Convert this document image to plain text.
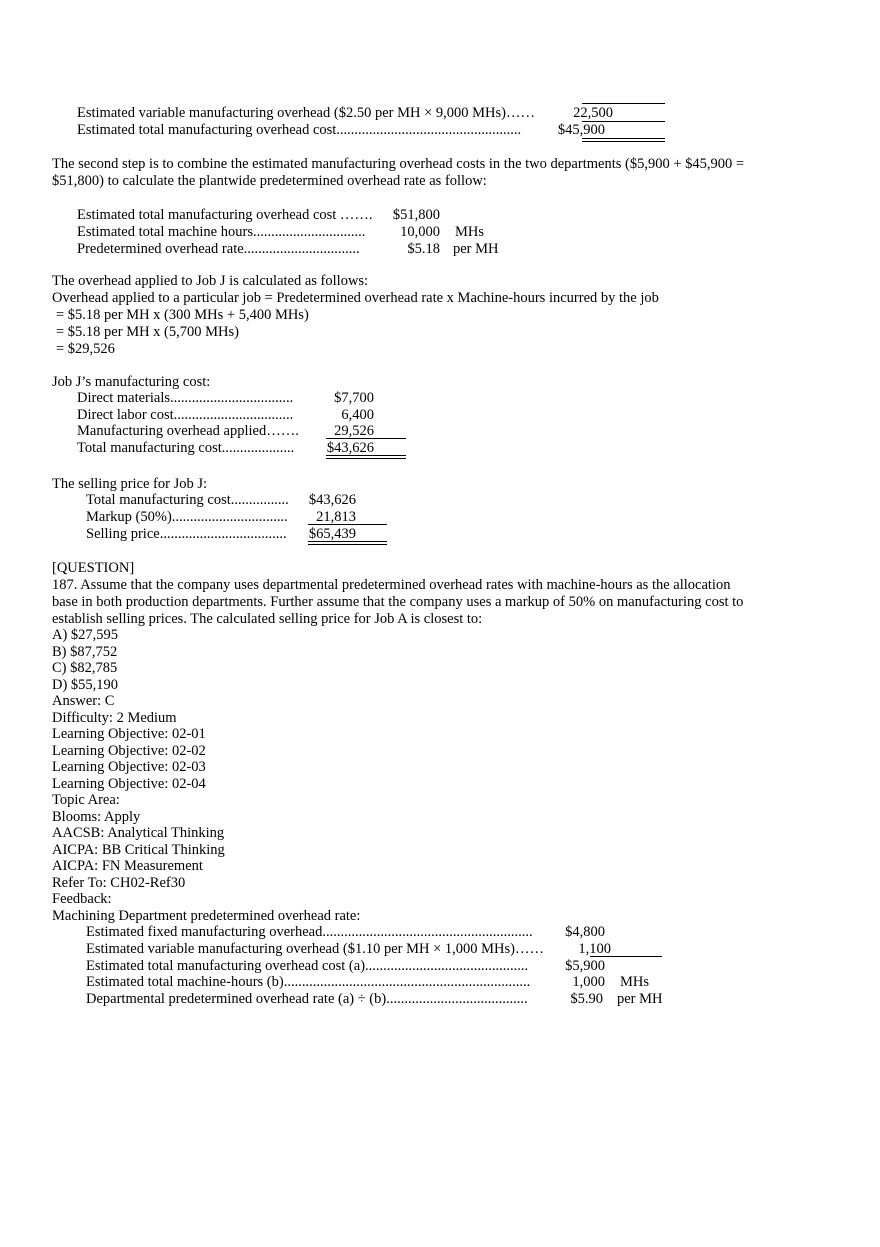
Estimated variable manufacturing overhead ($2.50 per MH × 9,000 MHs)……	22,500
Estimated total manufacturing overhead cost...................................................	$45,900
The second step is to combine the estimated manufacturing overhead costs in the two departments ($5,900 + $45,900 = $51,800) to calculate the plantwide predetermined overhead rate as follow:
Estimated total manufacturing overhead cost …….	$51,800
Estimated total machine hours...............................	10,000 MHs
Predetermined overhead rate................................	$5.18 per MH
The overhead applied to Job J is calculated as follows:
Overhead applied to a particular job = Predetermined overhead rate x Machine-hours incurred by the job
= $5.18 per MH x (300 MHs + 5,400 MHs)
= $5.18 per MH x (5,700 MHs)
= $29,526
Job J’s manufacturing cost:
Direct materials..................................	$7,700
Direct labor cost.................................	6,400
Manufacturing overhead applied…….	29,526
Total manufacturing cost....................	$43,626
The selling price for Job J:
Total manufacturing cost................	$43,626
Markup (50%)................................	21,813
Selling price...................................	$65,439
[QUESTION]
187. Assume that the company uses departmental predetermined overhead rates with machine-hours as the allocation base in both production departments. Further assume that the company uses a markup of 50% on manufacturing cost to establish selling prices. The calculated selling price for Job A is closest to:
A) $27,595
B) $87,752
C) $82,785
D) $55,190
Answer: C
Difficulty: 2 Medium
Learning Objective: 02-01
Learning Objective: 02-02
Learning Objective: 02-03
Learning Objective: 02-04
Topic Area:
Blooms: Apply
AACSB: Analytical Thinking
AICPA: BB Critical Thinking
AICPA: FN Measurement
Refer To: CH02-Ref30
Feedback:
Machining Department predetermined overhead rate:
Estimated fixed manufacturing overhead..........................................................	$4,800
Estimated variable manufacturing overhead ($1.10 per MH × 1,000 MHs)……	1,100
Estimated total manufacturing overhead cost (a).............................................	$5,900
Estimated total machine-hours (b)....................................................................	1,000 MHs
Departmental predetermined overhead rate (a) ÷ (b).......................................	$5.90 per MH
